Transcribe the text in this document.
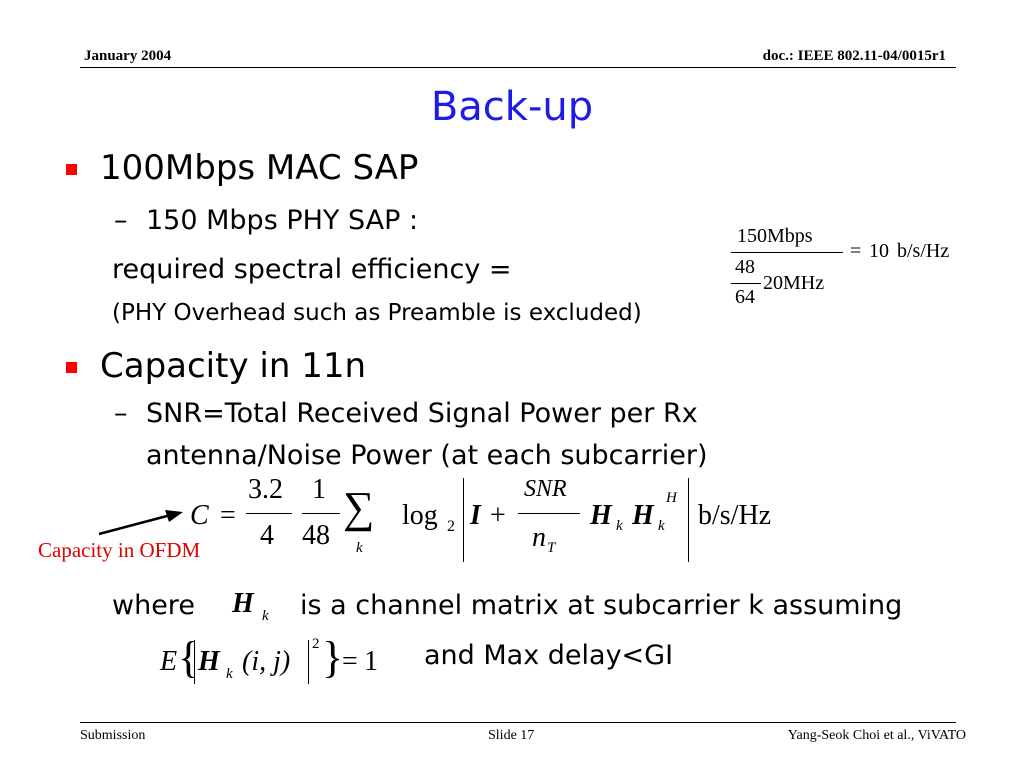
January 2004	doc.: IEEE 802.11-04/0015r1
Back-up
100Mbps MAC SAP
– 150 Mbps PHY SAP :
required spectral efficiency =
(PHY Overhead such as Preamble is excluded)
150Mbps
= 10 b/s/Hz
48
64
20MHz
Capacity in 11n
– SNR=Total Received Signal Power per Rx
antenna/Noise Power (at each subcarrier)
C =
3.2
4
1
48
∑
k
log 2 I +
SNR
n T
H k H
H
k b/s/Hz
Capacity in OFDM
where H k is a channel matrix at subcarrier k assuming
E {
H k (i, j)
2 }
= 1 and Max delay<GI
Submission	Slide 17	Yang-Seok Choi et al., ViVATO
